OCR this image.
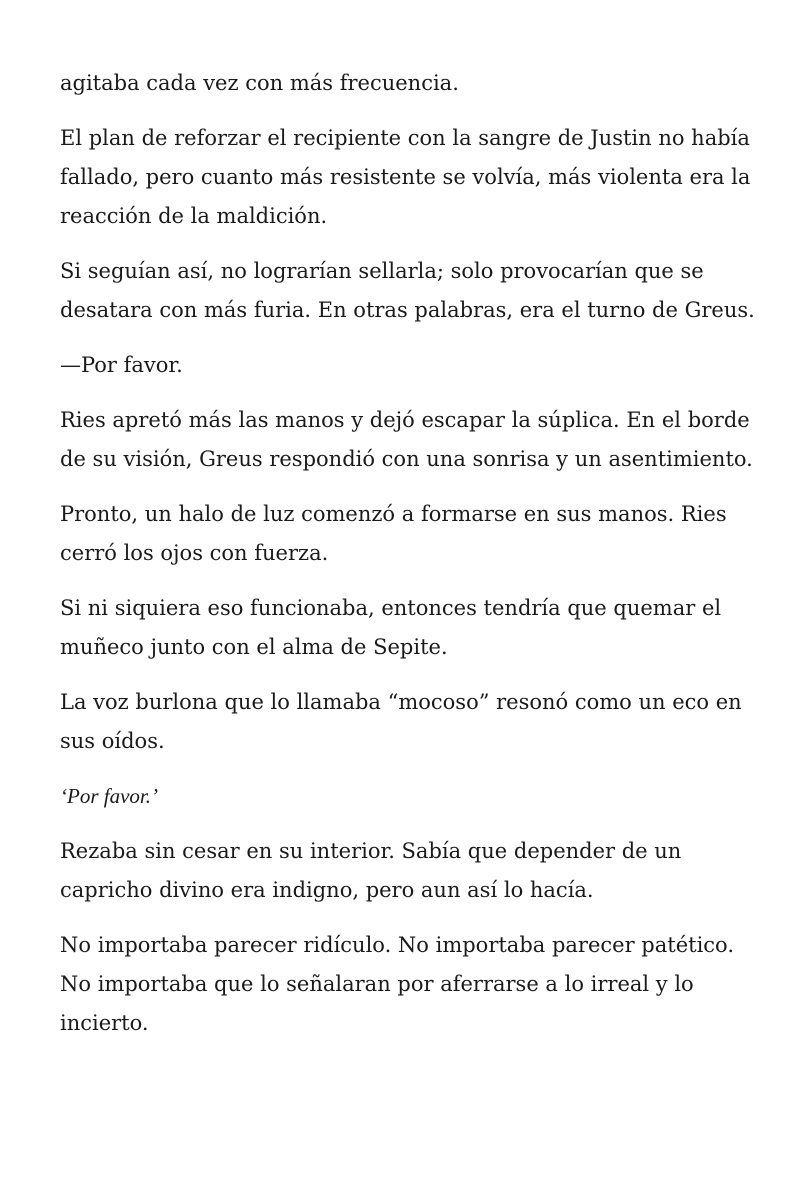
agitaba cada vez con más frecuencia.

El plan de reforzar el recipiente con la sangre de Justin no había fallado, pero cuanto más resistente se volvía, más violenta era la reacción de la maldición.

Si seguían así, no lograrían sellarla; solo provocarían que se desatara con más furia. En otras palabras, era el turno de Greus.

—Por favor.

Ries apretó más las manos y dejó escapar la súplica. En el borde de su visión, Greus respondió con una sonrisa y un asentimiento.

Pronto, un halo de luz comenzó a formarse en sus manos. Ries cerró los ojos con fuerza.

Si ni siquiera eso funcionaba, entonces tendría que quemar el muñeco junto con el alma de Sepite.

La voz burlona que lo llamaba “mocoso” resonó como un eco en sus oídos.

‘Por favor.’

Rezaba sin cesar en su interior. Sabía que depender de un capricho divino era indigno, pero aun así lo hacía.

No importaba parecer ridículo. No importaba parecer patético. No importaba que lo señalaran por aferrarse a lo irreal y lo incierto.
